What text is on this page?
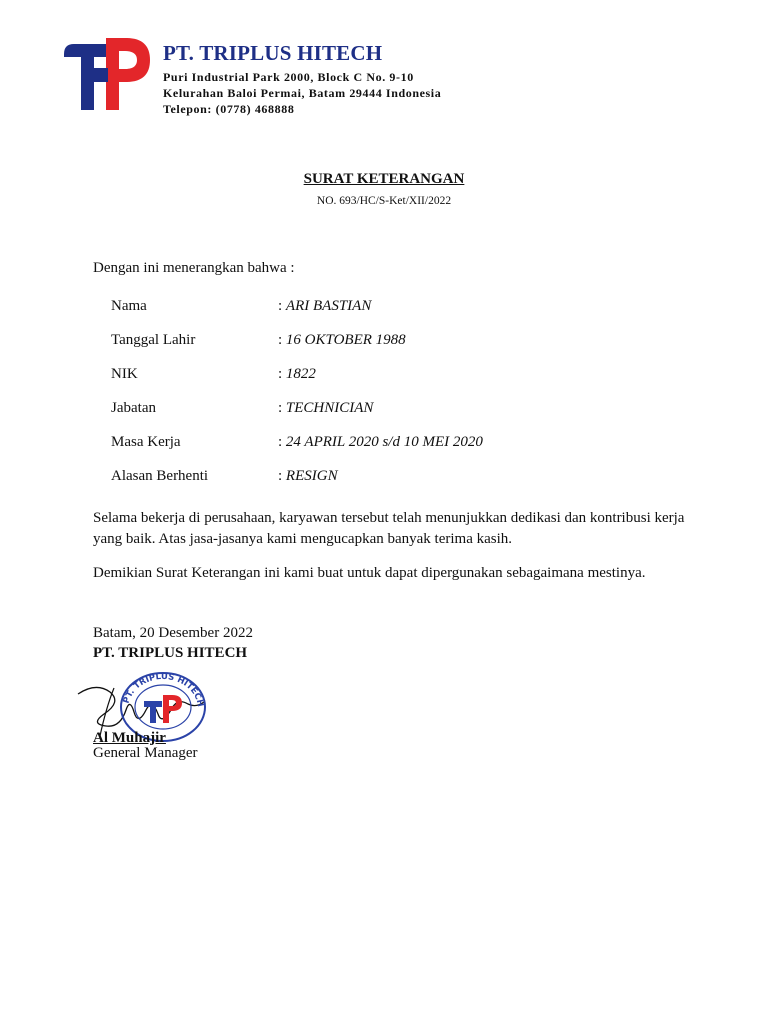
PT. TRIPLUS HITECH
Puri Industrial Park 2000, Block C No. 9-10
Kelurahan Baloi Permai, Batam 29444 Indonesia
Telepon: (0778) 468888
SURAT KETERANGAN
NO. 693/HC/S-Ket/XII/2022
Dengan ini menerangkan bahwa :
Nama	: ARI BASTIAN
Tanggal Lahir	: 16 OKTOBER 1988
NIK	: 1822
Jabatan	: TECHNICIAN
Masa Kerja	: 24 APRIL 2020 s/d 10 MEI 2020
Alasan Berhenti	: RESIGN
Selama bekerja di perusahaan, karyawan tersebut telah menunjukkan dedikasi dan kontribusi kerja yang baik. Atas jasa-jasanya kami mengucapkan banyak terima kasih.
Demikian Surat Keterangan ini kami buat untuk dapat dipergunakan sebagaimana mestinya.
Batam, 20 Desember 2022
PT. TRIPLUS HITECH
PT. TRIPLUS HITECH
Al Muhajir
General Manager
